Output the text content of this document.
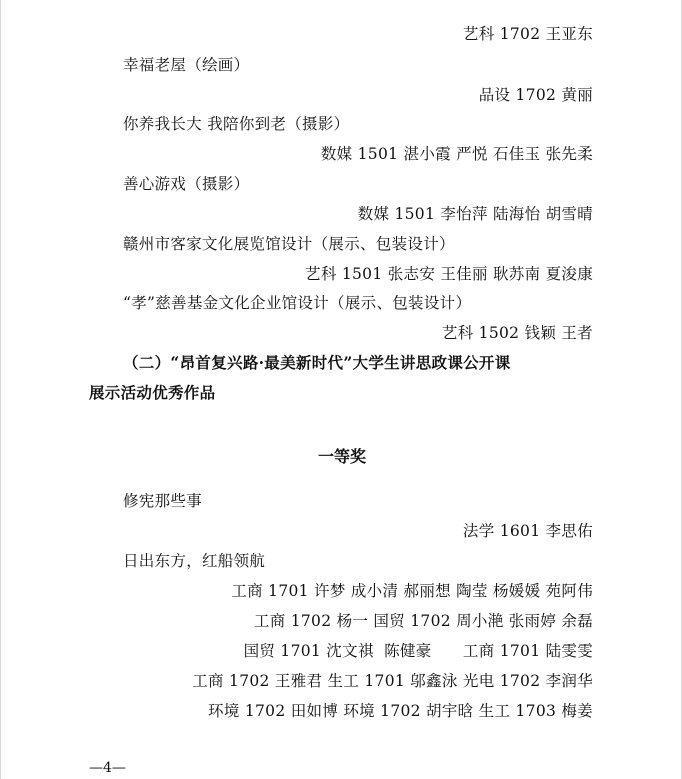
艺科 1702 王亚东
幸福老屋（绘画）
品设 1702 黄丽
你养我长大 我陪你到老（摄影）
数媒 1501 湛小霞 严悦 石佳玉 张先柔
善心游戏（摄影）
数媒 1501 李怡萍 陆海怡 胡雪晴
赣州市客家文化展览馆设计（展示、包装设计）
艺科 1501 张志安 王佳丽 耿苏南 夏浚康
“孝”慈善基金文化企业馆设计（展示、包装设计）
艺科 1502 钱颖 王者
（二）“昂首复兴路·最美新时代”大学生讲思政课公开课
展示活动优秀作品
一等奖
修宪那些事
法学 1601 李思佑
日出东方，红船领航
工商 1701 许梦 成小清 郝丽想 陶莹 杨媛媛 苑阿伟
工商 1702 杨一 国贸 1702 周小滟 张雨婷 余磊
国贸 1701 沈文祺  陈健豪      工商 1701 陆雯雯
工商 1702 王雅君 生工 1701 邬鑫泳 光电 1702 李润华
环境 1702 田如博 环境 1702 胡宇晗 生工 1703 梅姜
—4—
